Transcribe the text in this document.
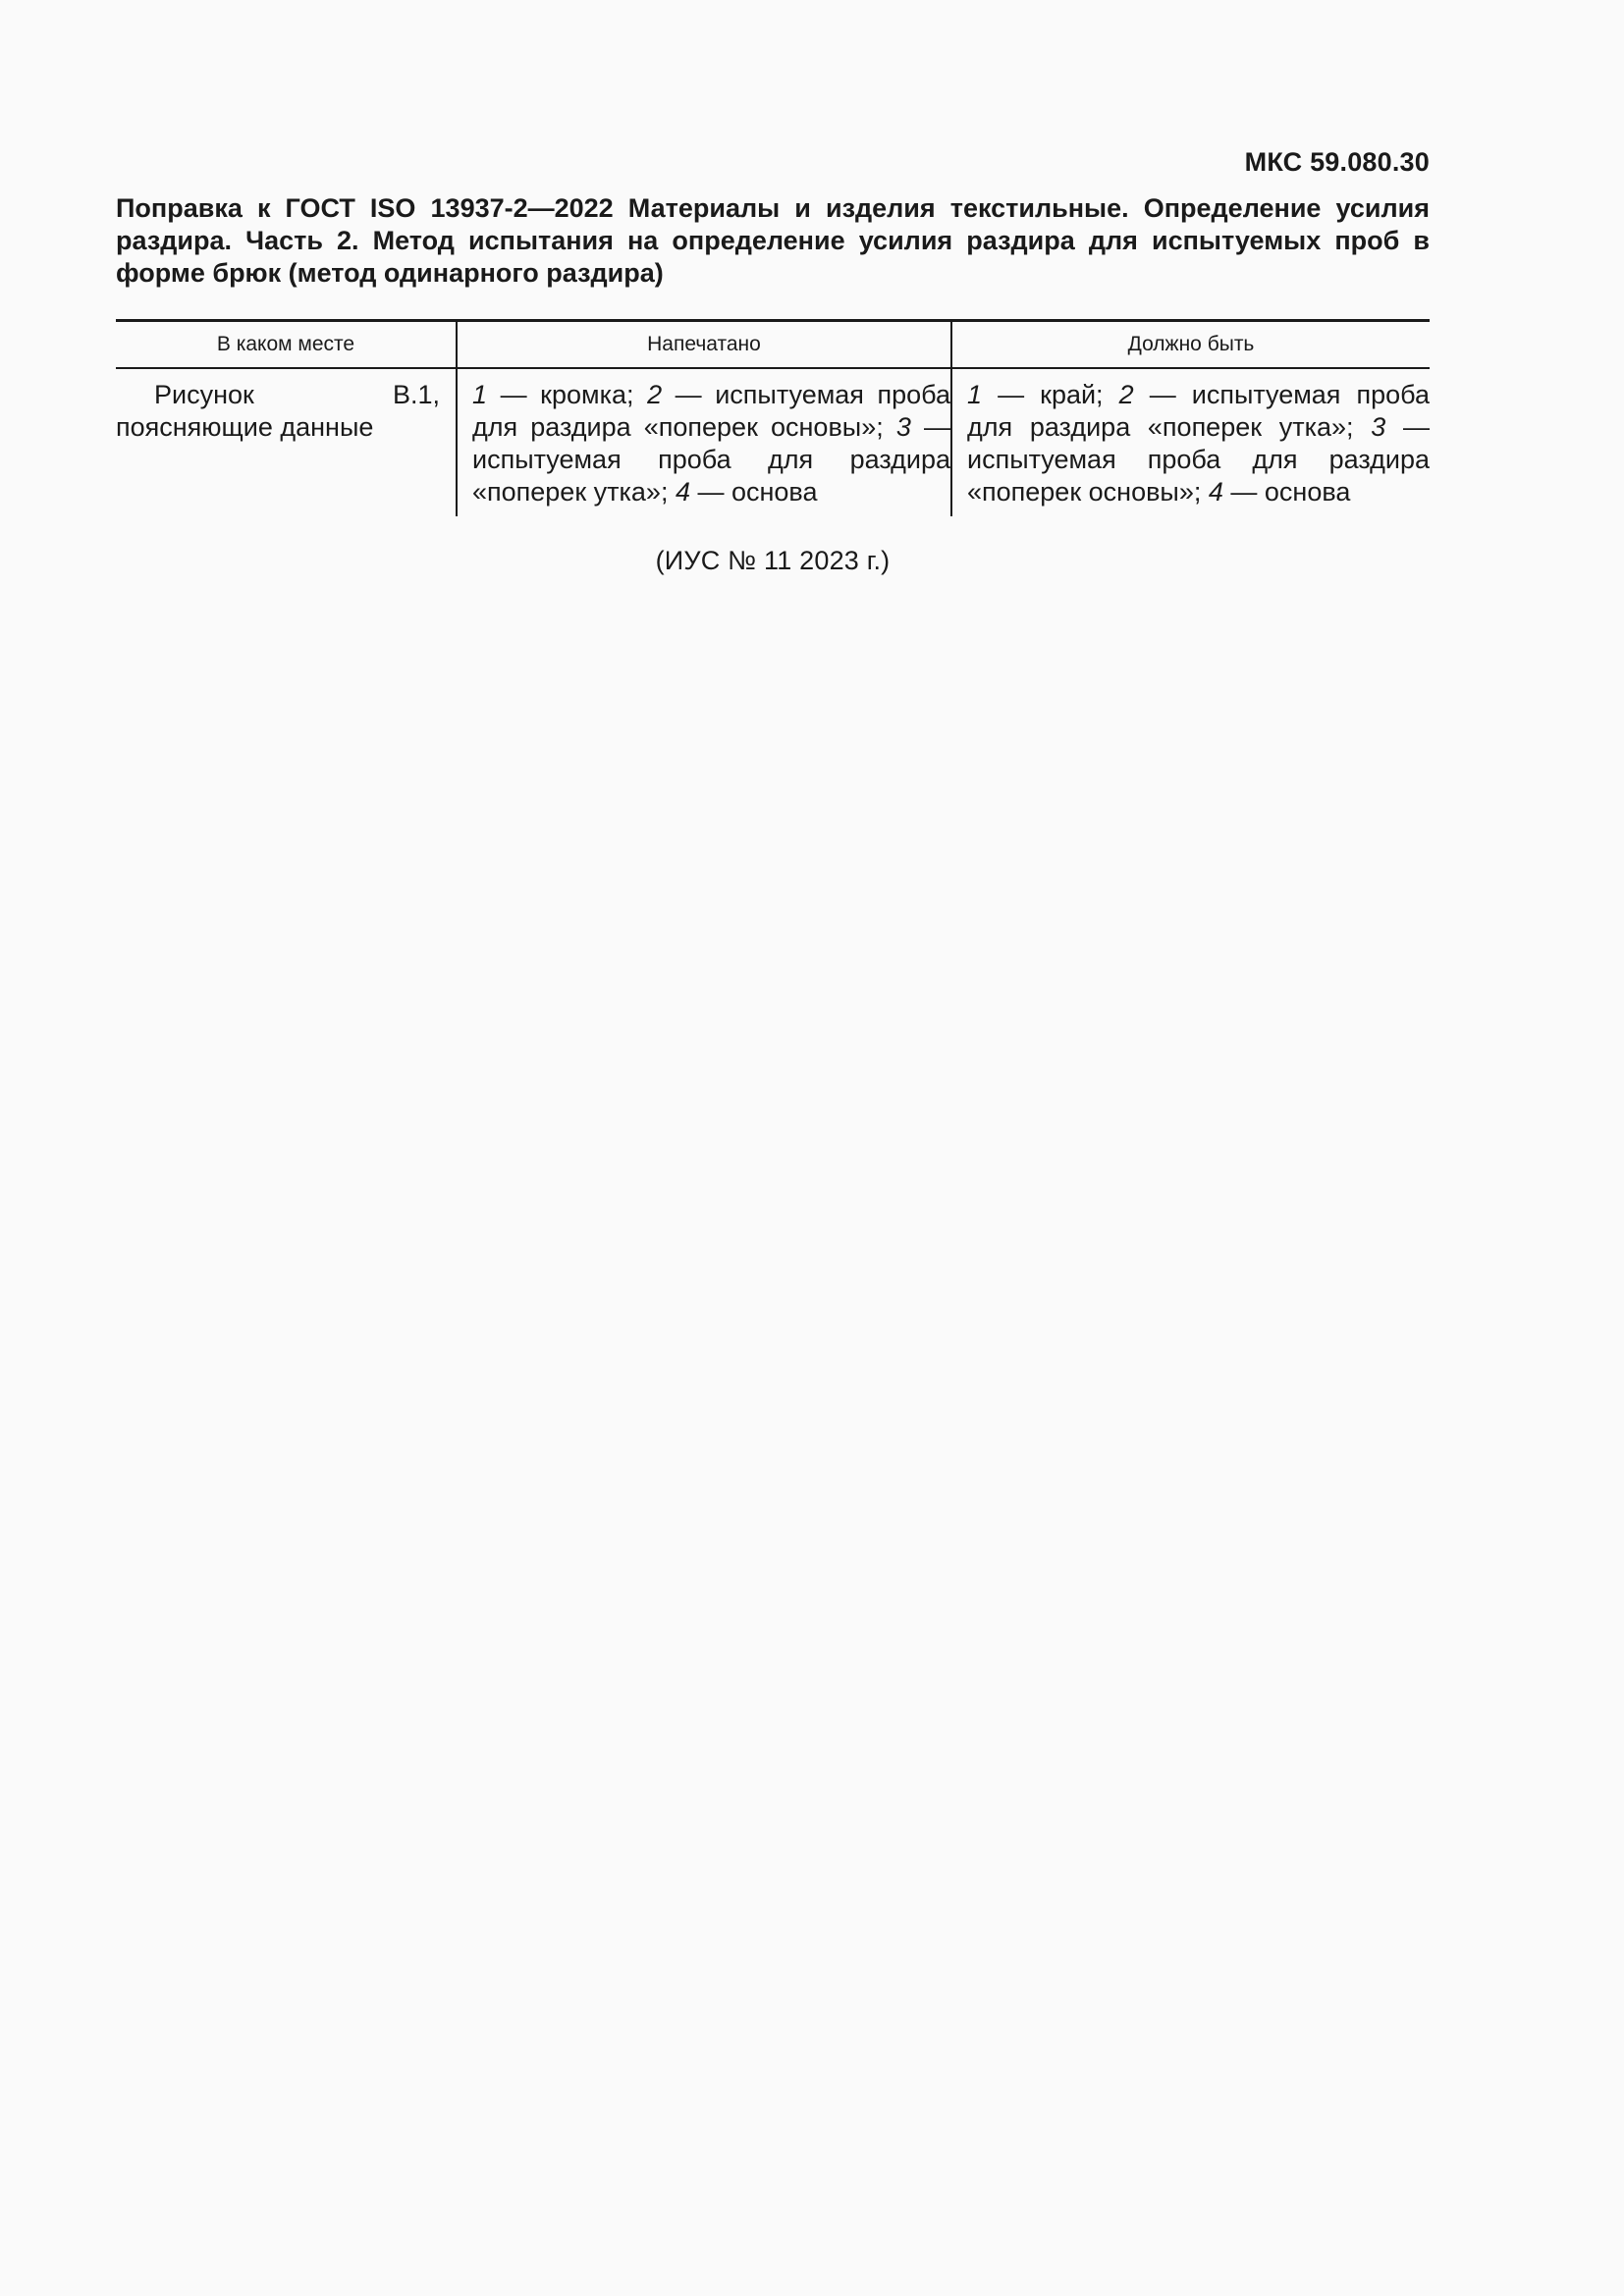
МКС 59.080.30
Поправка к ГОСТ ISO 13937-2—2022 Материалы и изделия текстильные. Определение усилия раздира. Часть 2. Метод испытания на определение усилия раздира для испытуемых проб в форме брюк (метод одинарного раздира)
В каком месте	Напечатано	Должно быть
Рисунок В.1, поясняющие данные	1 — кромка; 2 — испытуемая проба для раздира «поперек основы»; 3 — испытуемая проба для раздира «поперек утка»; 4 — основа	1 — край; 2 — испытуемая проба для раздира «поперек утка»; 3 — испытуемая проба для раздира «поперек основы»; 4 — основа
(ИУС № 11 2023 г.)
